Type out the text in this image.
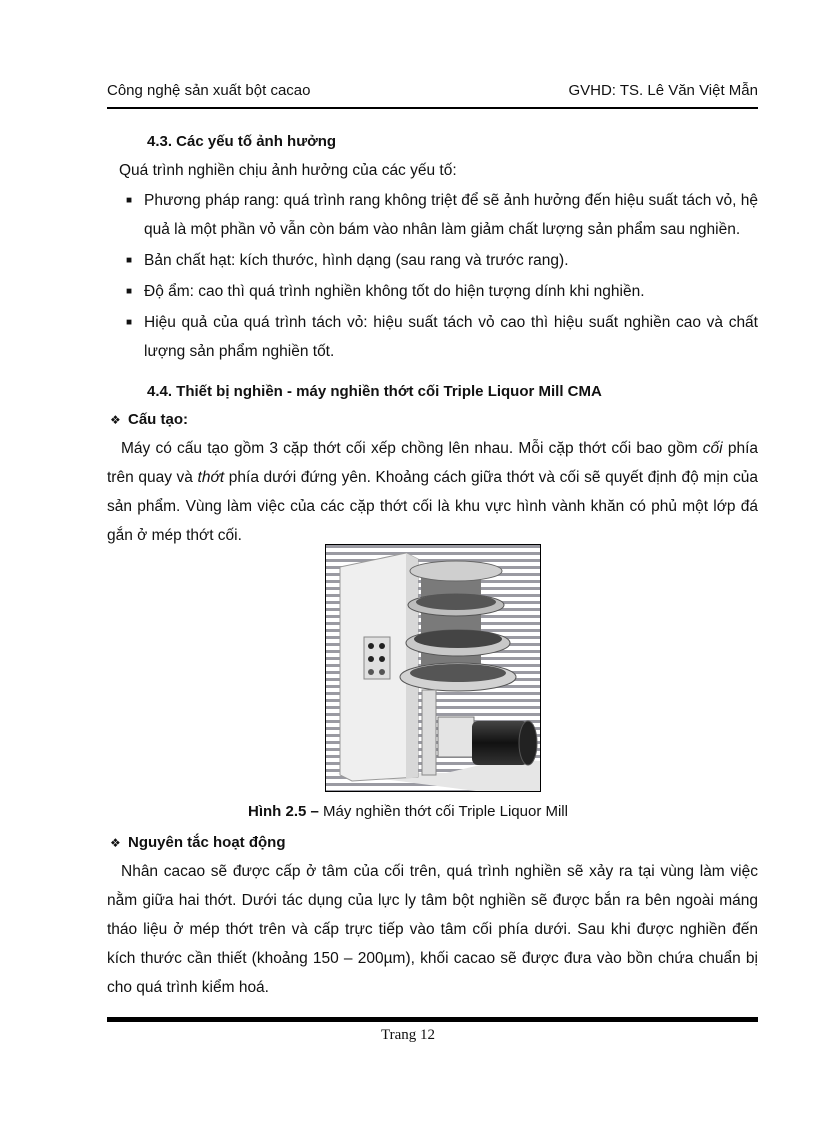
Công nghệ sản xuất bột cacao	GVHD: TS. Lê Văn Việt Mẫn
4.3. Các yếu tố ảnh hưởng
Quá trình nghiền chịu ảnh hưởng của các yếu tố:
■ Phương pháp rang: quá trình rang không triệt để sẽ ảnh hưởng đến hiệu suất tách vỏ, hệ quả là một phần vỏ vẫn còn bám vào nhân làm giảm chất lượng sản phẩm sau nghiền.
■ Bản chất hạt: kích thước, hình dạng (sau rang và trước rang).
■ Độ ẩm: cao thì quá trình nghiền không tốt do hiện tượng dính khi nghiền.
■ Hiệu quả của quá trình tách vỏ: hiệu suất tách vỏ cao thì hiệu suất nghiền cao và chất lượng sản phẩm nghiền tốt.
4.4. Thiết bị nghiền - máy nghiền thớt cối Triple Liquor Mill CMA
❖ Cấu tạo:
Máy có cấu tạo gồm 3 cặp thớt cối xếp chồng lên nhau. Mỗi cặp thớt cối bao gồm cối phía trên quay và thớt phía dưới đứng yên. Khoảng cách giữa thớt và cối sẽ quyết định độ mịn của sản phẩm. Vùng làm việc của các cặp thớt cối là khu vực hình vành khăn có phủ một lớp đá gắn ở mép thớt cối.
Hình 2.5 – Máy nghiền thớt cối Triple Liquor Mill
❖ Nguyên tắc hoạt động
Nhân cacao sẽ được cấp ở tâm của cối trên, quá trình nghiền sẽ xảy ra tại vùng làm việc nằm giữa hai thớt. Dưới tác dụng của lực ly tâm bột nghiền sẽ được bắn ra bên ngoài máng tháo liệu ở mép thớt trên và cấp trực tiếp vào tâm cối phía dưới. Sau khi được nghiền đến kích thước cần thiết (khoảng 150 – 200µm), khối cacao sẽ được đưa vào bồn chứa chuẩn bị cho quá trình kiểm hoá.
Trang 12
